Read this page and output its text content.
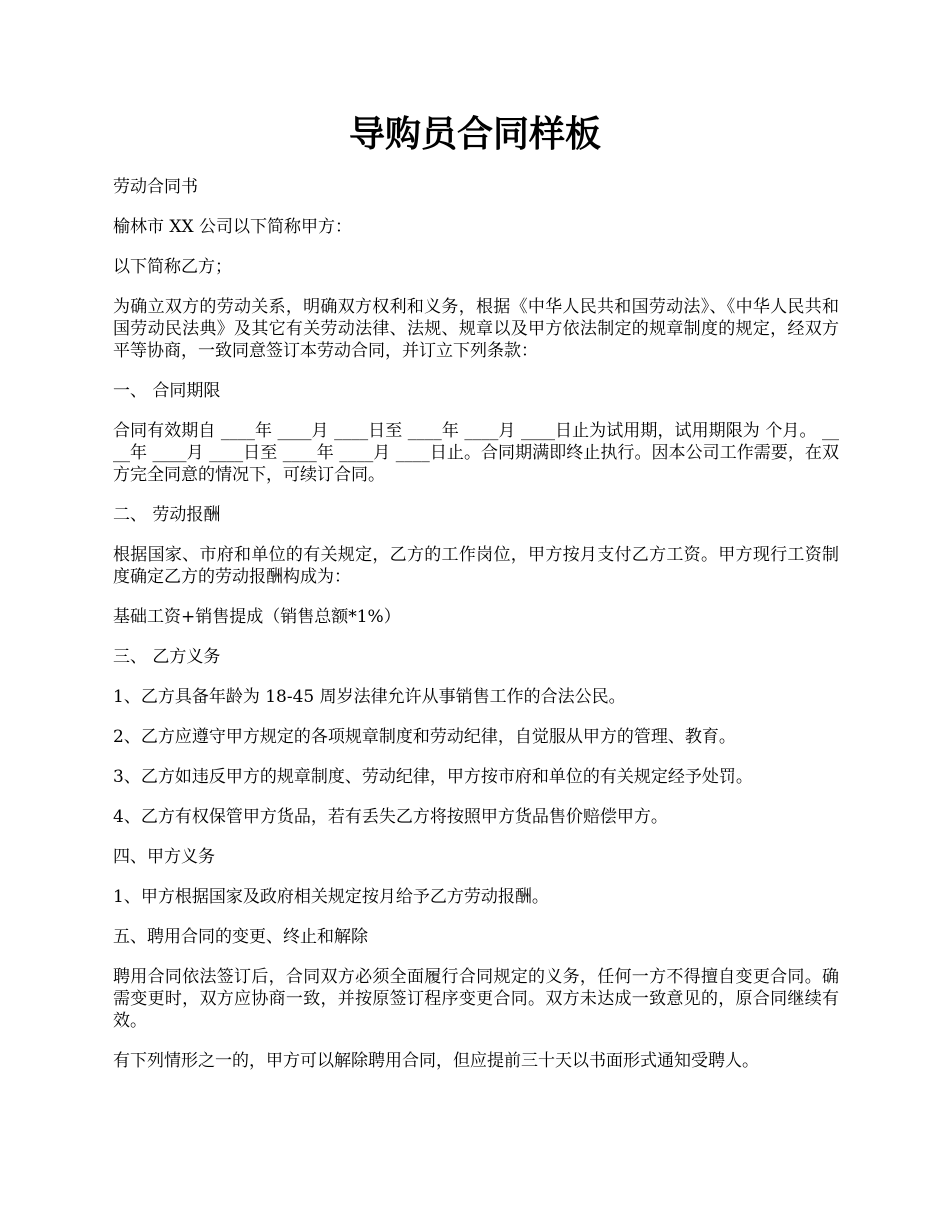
导购员合同样板

劳动合同书

榆林市 XX 公司以下简称甲方：

以下简称乙方；

为确立双方的劳动关系，明确双方权利和义务，根据《中华人民共和国劳动法》、《中华人民共和国劳动民法典》及其它有关劳动法律、法规、规章以及甲方依法制定的规章制度的规定，经双方平等协商，一致同意签订本劳动合同，并订立下列条款：

一、 合同期限

合同有效期自 ____年 ____月 ____日至 ____年 ____月 ____日止为试用期，试用期限为 个月。 ____年 ____月 ____日至 ____年 ____月 ____日止。合同期满即终止执行。因本公司工作需要，在双方完全同意的情况下，可续订合同。

二、 劳动报酬

根据国家、市府和单位的有关规定，乙方的工作岗位，甲方按月支付乙方工资。甲方现行工资制度确定乙方的劳动报酬构成为：

基础工资+销售提成（销售总额*1%）

三、 乙方义务

1、乙方具备年龄为 18-45 周岁法律允许从事销售工作的合法公民。

2、乙方应遵守甲方规定的各项规章制度和劳动纪律，自觉服从甲方的管理、教育。

3、乙方如违反甲方的规章制度、劳动纪律，甲方按市府和单位的有关规定经予处罚。

4、乙方有权保管甲方货品，若有丢失乙方将按照甲方货品售价赔偿甲方。

四、甲方义务

1、甲方根据国家及政府相关规定按月给予乙方劳动报酬。

五、聘用合同的变更、终止和解除

聘用合同依法签订后，合同双方必须全面履行合同规定的义务，任何一方不得擅自变更合同。确需变更时，双方应协商一致，并按原签订程序变更合同。双方未达成一致意见的，原合同继续有效。

有下列情形之一的，甲方可以解除聘用合同，但应提前三十天以书面形式通知受聘人。
